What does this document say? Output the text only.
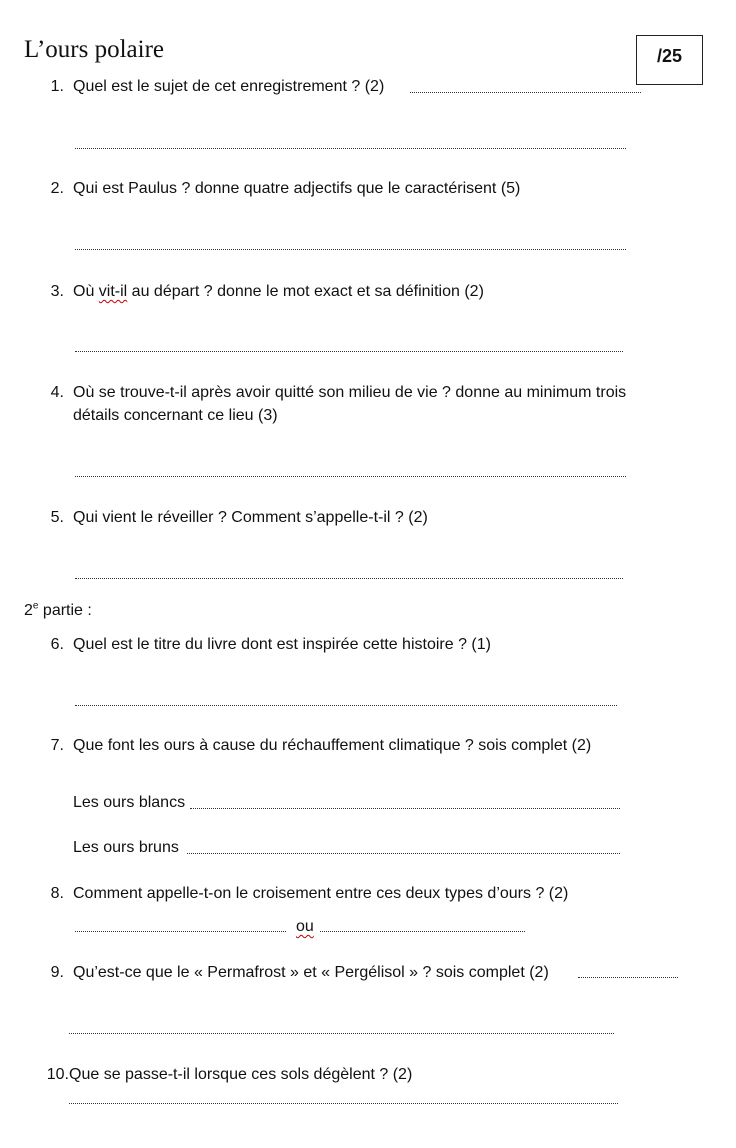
L’ours polaire	/25
1. Quel est le sujet de cet enregistrement ? (2)
2. Qui est Paulus ? donne quatre adjectifs que le caractérisent (5)
3. Où vit-il au départ ? donne le mot exact et sa définition (2)
4. Où se trouve-t-il après avoir quitté son milieu de vie ? donne au minimum trois
détails concernant ce lieu (3)
5. Qui vient le réveiller ? Comment s’appelle-t-il ? (2)
2e partie :
6. Quel est le titre du livre dont est inspirée cette histoire ? (1)
7. Que font les ours à cause du réchauffement climatique ? sois complet (2)
Les ours blancs
Les ours bruns
8. Comment appelle-t-on le croisement entre ces deux types d’ours ? (2)
ou
9. Qu’est-ce que le « Permafrost » et « Pergélisol » ? sois complet (2)
10. Que se passe-t-il lorsque ces sols dégèlent ? (2)
